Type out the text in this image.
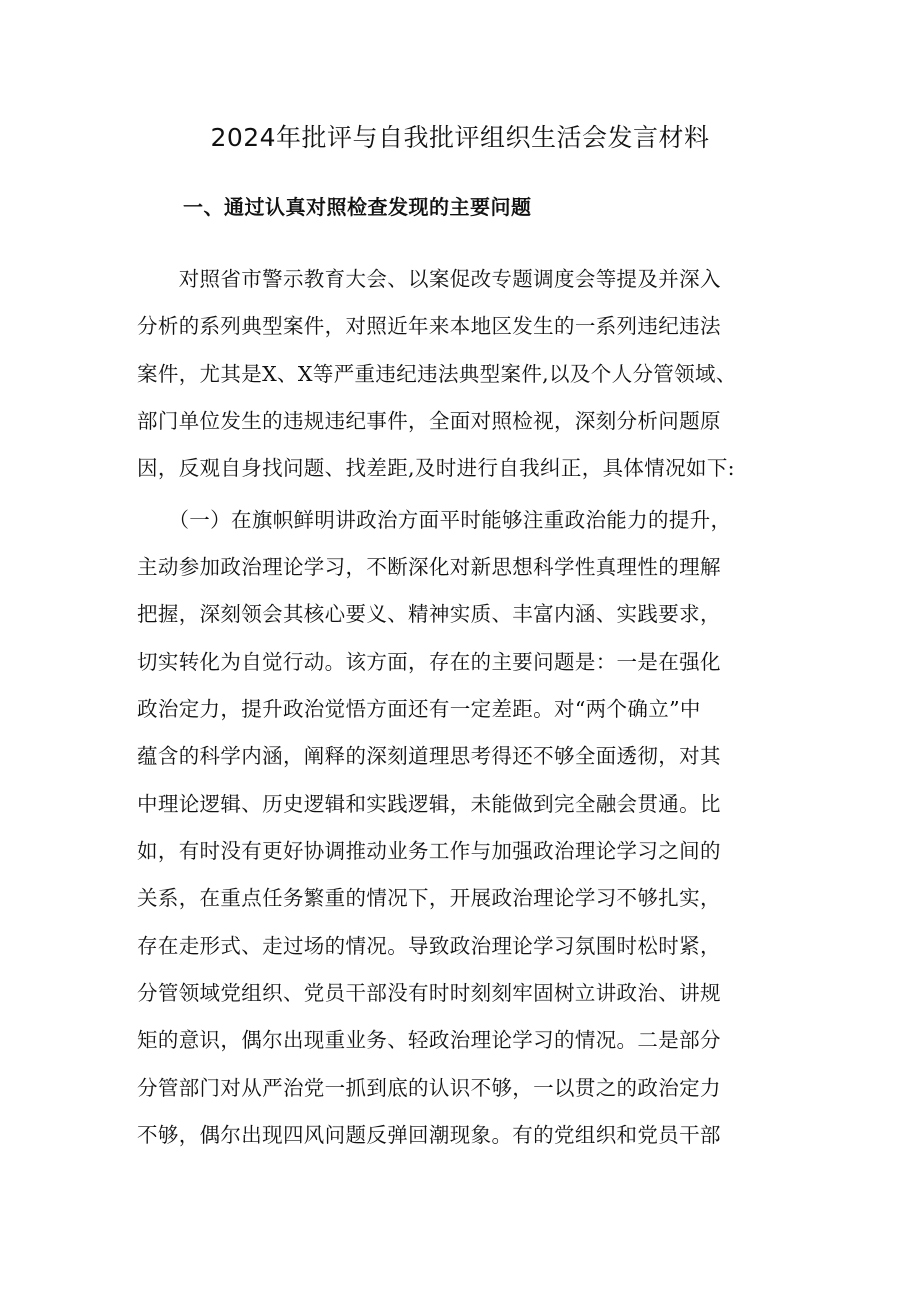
2024年批评与自我批评组织生活会发言材料
一、通过认真对照检查发现的主要问题
　　对照省市警示教育大会、以案促改专题调度会等提及并深入
分析的系列典型案件，对照近年来本地区发生的一系列违纪违法
案件，尤其是X、X等严重违纪违法典型案件,以及个人分管领域、
部门单位发生的违规违纪事件，全面对照检视，深刻分析问题原
因，反观自身找问题、找差距,及时进行自我纠正，具体情况如下:
　　（一）在旗帜鲜明讲政治方面平时能够注重政治能力的提升，
主动参加政治理论学习，不断深化对新思想科学性真理性的理解
把握，深刻领会其核心要义、精神实质、丰富内涵、实践要求，
切实转化为自觉行动。该方面，存在的主要问题是：一是在强化
政治定力，提升政治觉悟方面还有一定差距。对“两个确立”中
蕴含的科学内涵，阐释的深刻道理思考得还不够全面透彻，对其
中理论逻辑、历史逻辑和实践逻辑，未能做到完全融会贯通。比
如，有时没有更好协调推动业务工作与加强政治理论学习之间的
关系，在重点任务繁重的情况下，开展政治理论学习不够扎实，
存在走形式、走过场的情况。导致政治理论学习氛围时松时紧，
分管领域党组织、党员干部没有时时刻刻牢固树立讲政治、讲规
矩的意识，偶尔出现重业务、轻政治理论学习的情况。二是部分
分管部门对从严治党一抓到底的认识不够，一以贯之的政治定力
不够，偶尔出现四风问题反弹回潮现象。有的党组织和党员干部
